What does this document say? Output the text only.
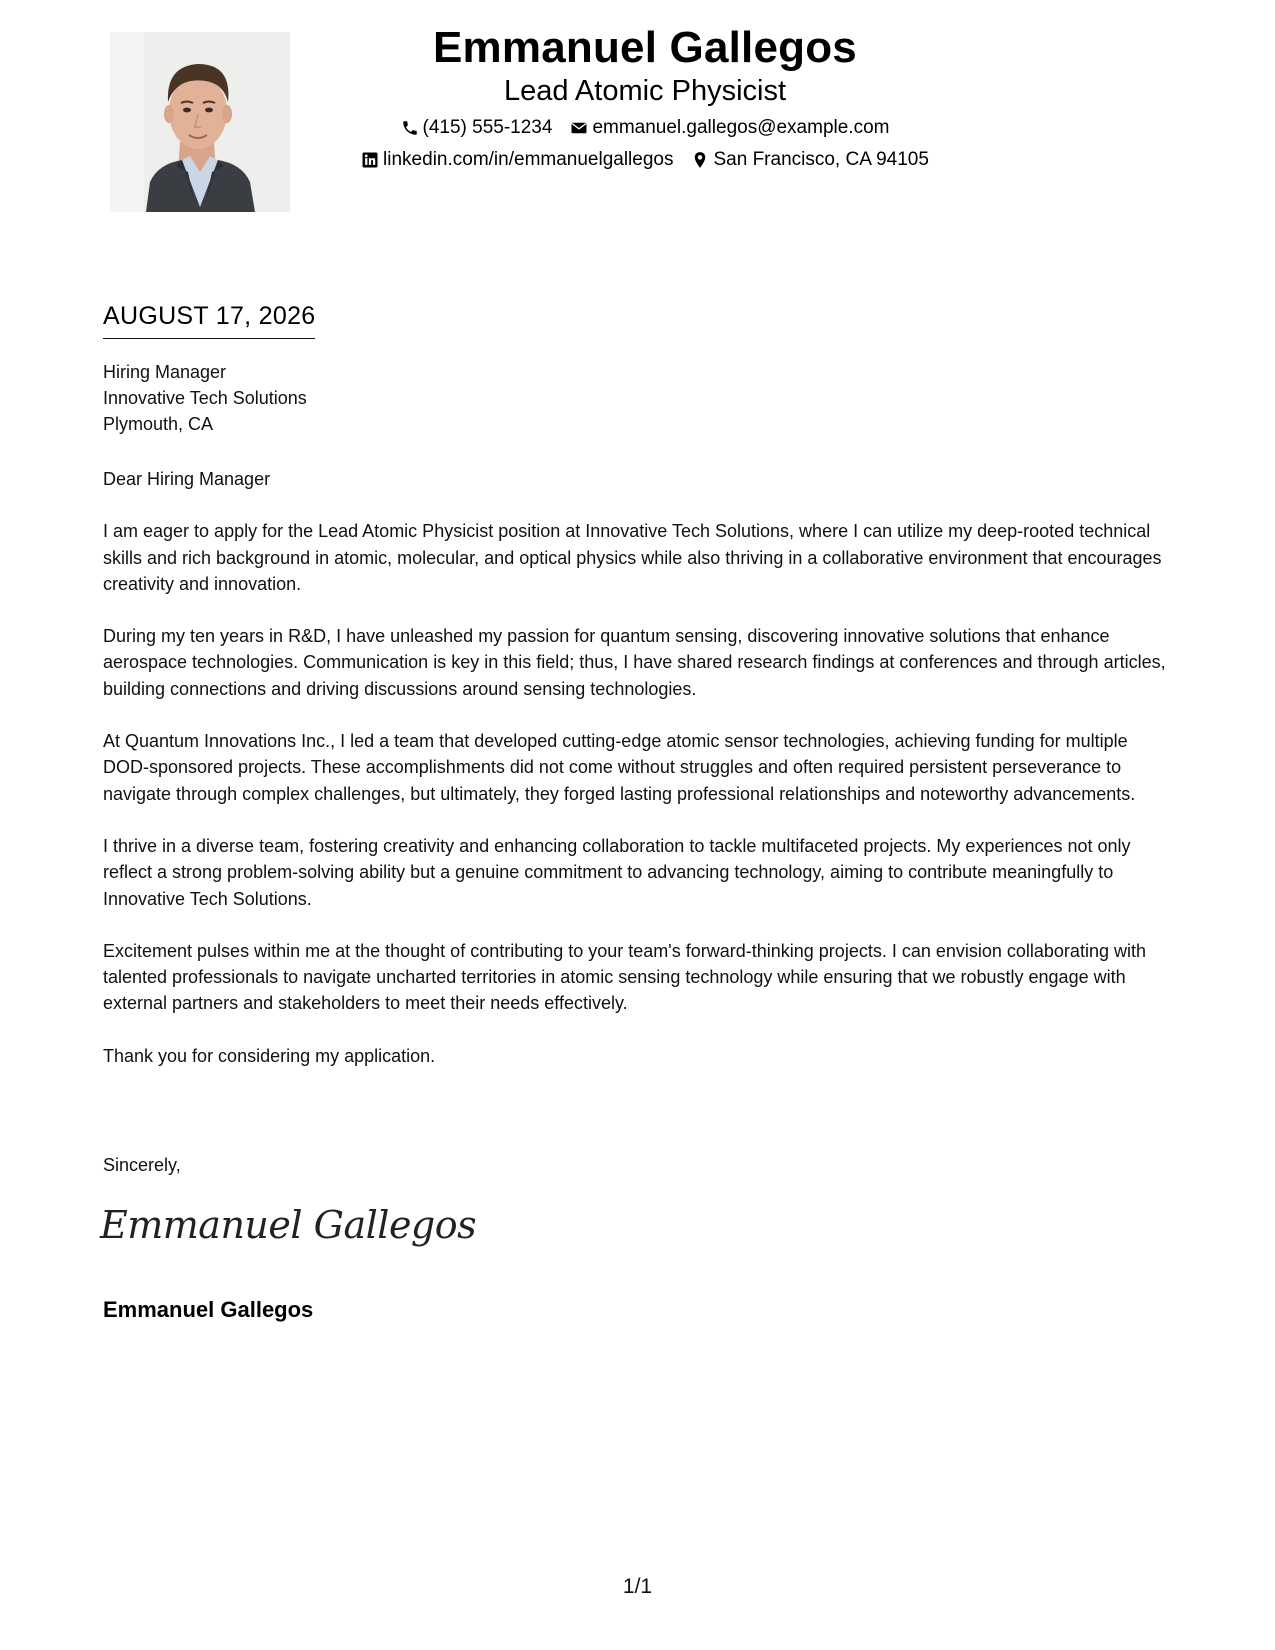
Emmanuel Gallegos
Lead Atomic Physicist
(415) 555-1234 emmanuel.gallegos@example.com
linkedin.com/in/emmanuelgallegos San Francisco, CA 94105
AUGUST 17, 2026
Hiring Manager
Innovative Tech Solutions
Plymouth, CA

Dear Hiring Manager

I am eager to apply for the Lead Atomic Physicist position at Innovative Tech Solutions, where I can utilize my deep-rooted technical skills and rich background in atomic, molecular, and optical physics while also thriving in a collaborative environment that encourages creativity and innovation.

During my ten years in R&D, I have unleashed my passion for quantum sensing, discovering innovative solutions that enhance aerospace technologies. Communication is key in this field; thus, I have shared research findings at conferences and through articles, building connections and driving discussions around sensing technologies.

At Quantum Innovations Inc., I led a team that developed cutting-edge atomic sensor technologies, achieving funding for multiple DOD-sponsored projects. These accomplishments did not come without struggles and often required persistent perseverance to navigate through complex challenges, but ultimately, they forged lasting professional relationships and noteworthy advancements.

I thrive in a diverse team, fostering creativity and enhancing collaboration to tackle multifaceted projects. My experiences not only reflect a strong problem-solving ability but a genuine commitment to advancing technology, aiming to contribute meaningfully to Innovative Tech Solutions.

Excitement pulses within me at the thought of contributing to your team's forward-thinking projects. I can envision collaborating with talented professionals to navigate uncharted territories in atomic sensing technology while ensuring that we robustly engage with external partners and stakeholders to meet their needs effectively.

Thank you for considering my application.

Sincerely,
Emmanuel Gallegos
Emmanuel Gallegos
1/1
